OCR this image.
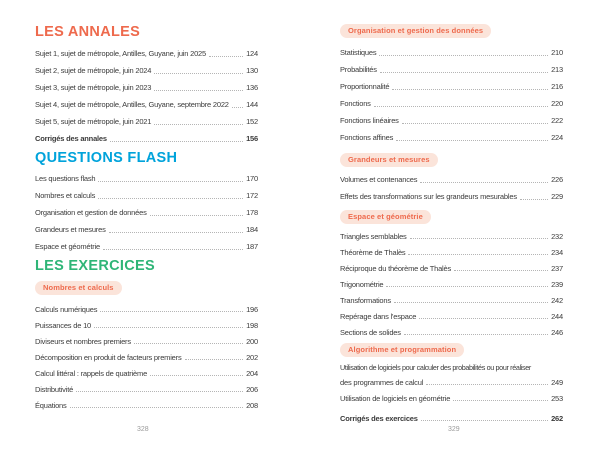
LES ANNALES
Sujet 1, sujet de métropole, Antilles, Guyane, juin 2025	124
Sujet 2, sujet de métropole, juin 2024	130
Sujet 3, sujet de métropole, juin 2023	136
Sujet 4, sujet de métropole, Antilles, Guyane, septembre 2022 144
Sujet 5, sujet de métropole, juin 2021	152
Corrigés des annales	156
QUESTIONS FLASH
Les questions flash	170
Nombres et calculs	172
Organisation et gestion de données	178
Grandeurs et mesures	184
Espace et géométrie	187
LES EXERCICES
Nombres et calculs
Calculs numériques	196
Puissances de 10	198
Diviseurs et nombres premiers	200
Décomposition en produit de facteurs premiers	202
Calcul littéral : rappels de quatrième	204
Distributivité	206
Équations	208
Organisation et gestion des données
Statistiques	210
Probabilités	213
Proportionnalité	216
Fonctions	220
Fonctions linéaires	222
Fonctions affines	224
Grandeurs et mesures
Volumes et contenances	226
Effets des transformations sur les grandeurs mesurables	229
Espace et géométrie
Triangles semblables	232
Théorème de Thalès	234
Réciproque du théorème de Thalès	237
Trigonométrie	239
Transformations	242
Repérage dans l'espace	244
Sections de solides	246
Algorithme et programmation
Utilisation de logiciels pour calculer des probabilités ou pour réaliser
des programmes de calcul	249
Utilisation de logiciels en géométrie	253
Corrigés des exercices	262
328	329
